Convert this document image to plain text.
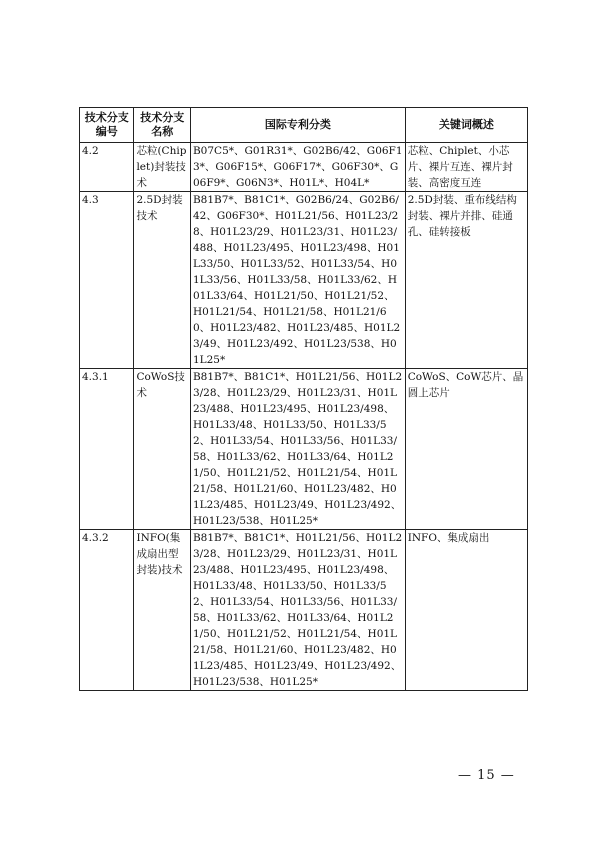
技术分支编号	技术分支名称	国际专利分类	关键词概述
4.2	芯粒(Chiplet)封装技术	B07C5*、G01R31*、G02B6/42、G06F13*、G06F15*、G06F17*、G06F30*、G06F9*、G06N3*、H01L*、H04L*	芯粒、Chiplet、小芯片、裸片互连、裸片封装、高密度互连
4.3	2.5D封装技术	B81B7*、B81C1*、G02B6/24、G02B6/42、G06F30*、H01L21/56、H01L23/28、H01L23/29、H01L23/31、H01L23/488、H01L23/495、H01L23/498、H01L33/50、H01L33/52、H01L33/54、H01L33/56、H01L33/58、H01L33/62、H01L33/64、H01L21/50、H01L21/52、H01L21/54、H01L21/58、H01L21/60、H01L23/482、H01L23/485、H01L23/49、H01L23/492、H01L23/538、H01L25*	2.5D封装、重布线结构封装、裸片并排、硅通孔、硅转接板
4.3.1	CoWoS技术	B81B7*、B81C1*、H01L21/56、H01L23/28、H01L23/29、H01L23/31、H01L23/488、H01L23/495、H01L23/498、H01L33/48、H01L33/50、H01L33/52、H01L33/54、H01L33/56、H01L33/58、H01L33/62、H01L33/64、H01L21/50、H01L21/52、H01L21/54、H01L21/58、H01L21/60、H01L23/482、H01L23/485、H01L23/49、H01L23/492、H01L23/538、H01L25*	CoWoS、CoW芯片、晶圆上芯片
4.3.2	INFO(集成扇出型封装)技术	B81B7*、B81C1*、H01L21/56、H01L23/28、H01L23/29、H01L23/31、H01L23/488、H01L23/495、H01L23/498、H01L33/48、H01L33/50、H01L33/52、H01L33/54、H01L33/56、H01L33/58、H01L33/62、H01L33/64、H01L21/50、H01L21/52、H01L21/54、H01L21/58、H01L21/60、H01L23/482、H01L23/485、H01L23/49、H01L23/492、H01L23/538、H01L25*	INFO、集成扇出
— 15 —
